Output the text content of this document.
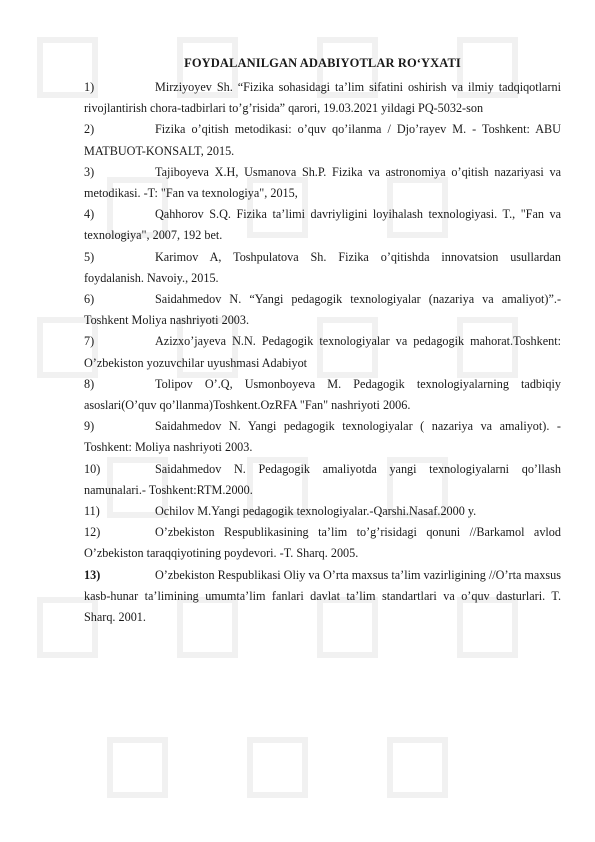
FOYDALANILGAN ADABIYOTLAR RO‘YXATI
1)	Mirziyoyev Sh. “Fizika sohasidagi ta’lim sifatini oshirish va ilmiy tadqiqotlarni rivojlantirish chora-tadbirlari to’g’risida” qarori, 19.03.2021 yildagi PQ-5032-son
2)	Fizika o’qitish metodikasi: o’quv qo’ilanma / Djo’rayev M. - Toshkent: ABU MATBUOT-KONSALT, 2015.
3)	Tajiboyeva X.H, Usmanova Sh.P. Fizika va astronomiya o’qitish nazariyasi va metodikasi. -T: "Fan va texnologiya", 2015,
4)	Qahhorov S.Q. Fizika ta’limi davriyligini loyihalash texnologiyasi. T., "Fan va texnologiya", 2007, 192 bet.
5)	Karimov A, Toshpulatova Sh. Fizika o’qitishda innovatsion usullardan foydalanish. Navoiy., 2015.
6)	Saidahmedov N. “Yangi pedagogik texnologiyalar (nazariya va amaliyot)”.- Toshkent Moliya nashriyoti 2003.
7)	Azizxo’jayeva N.N. Pedagogik texnologiyalar va pedagogik mahorat.Toshkent: O’zbekiston yozuvchilar uyushmasi Adabiyot
8)	Tolipov O’.Q, Usmonboyeva M. Pedagogik texnologiyalarning tadbiqiy asoslari(O’quv qo’llanma)Toshkent.OzRFA "Fan" nashriyoti 2006.
9)	Saidahmedov N. Yangi pedagogik texnologiyalar ( nazariya va amaliyot). -Toshkent: Moliya nashriyoti 2003.
10)	Saidahmedov N. Pedagogik amaliyotda yangi texnologiyalarni qo’llash namunalari.- Toshkent:RTM.2000.
11)	Ochilov M.Yangi pedagogik texnologiyalar.-Qarshi.Nasaf.2000 y.
12)	O’zbekiston Respublikasining ta’lim to’g’risidagi qonuni //Barkamol avlod O’zbekiston taraqqiyotining poydevori. -T. Sharq. 2005.
13)	O’zbekiston Respublikasi Oliy va O’rta maxsus ta’lim vazirligining //O’rta maxsus kasb-hunar ta’limining umumta’lim fanlari davlat ta’lim standartlari va o’quv dasturlari. T. Sharq. 2001.
